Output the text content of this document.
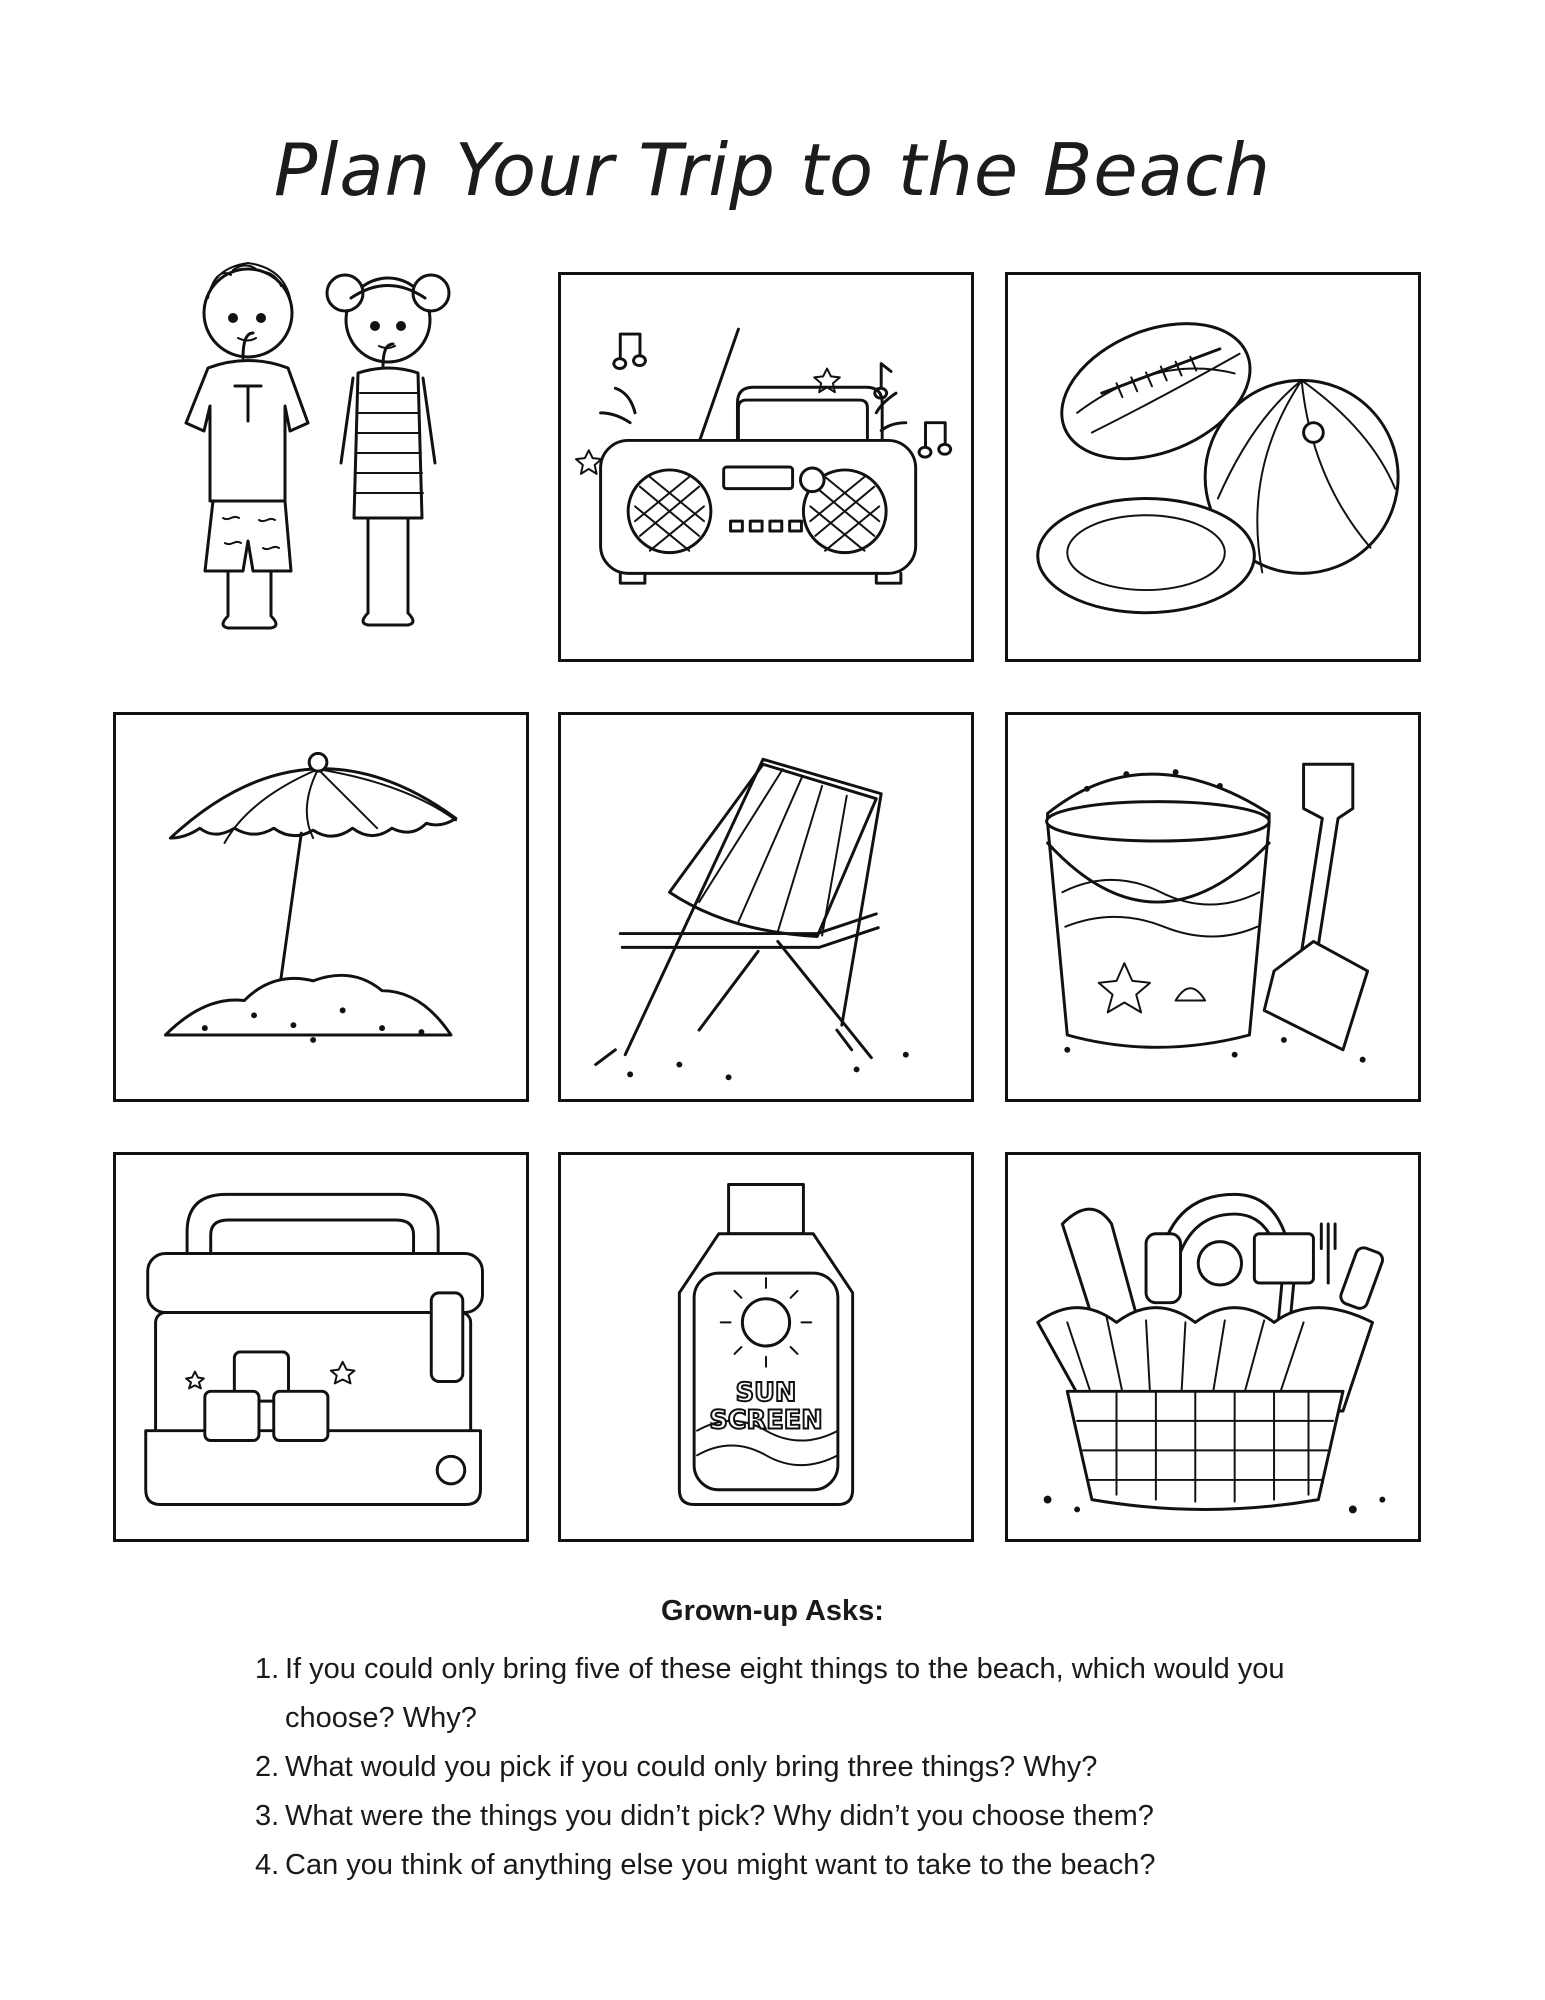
Plan Your Trip to the Beach
SUN
SCREEN
Grown-up Asks:
1. If you could only bring five of these eight things to the beach, which would you choose? Why?
2. What would you pick if you could only bring three things? Why?
3. What were the things you didn’t pick? Why didn’t you choose them?
4. Can you think of anything else you might want to take to the beach?
